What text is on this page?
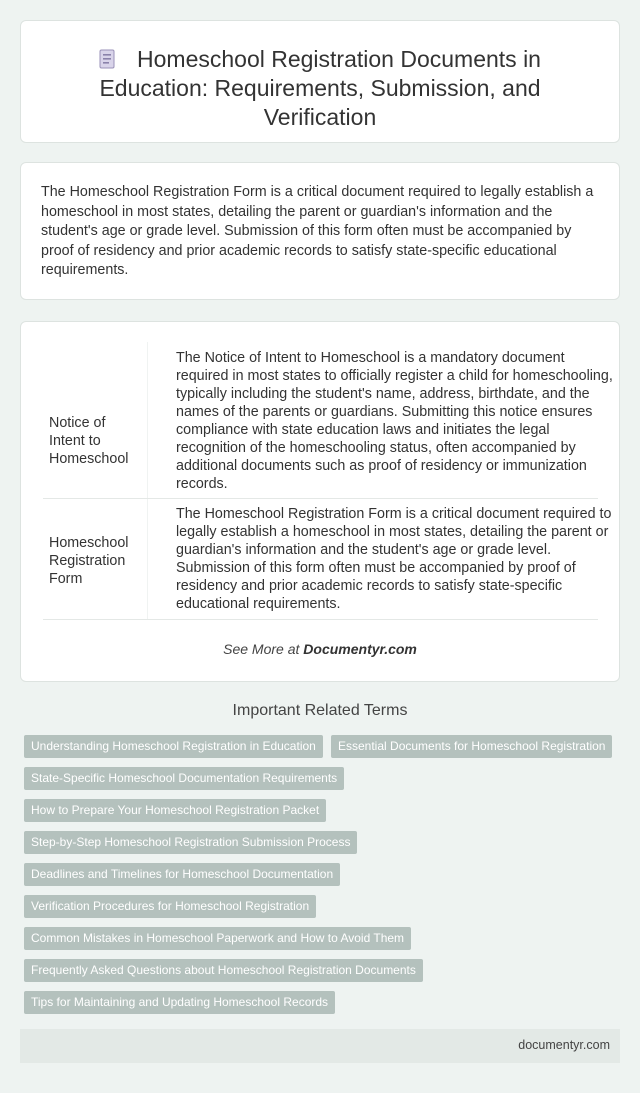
Homeschool Registration Documents in Education: Requirements, Submission, and Verification

The Homeschool Registration Form is a critical document required to legally establish a homeschool in most states, detailing the parent or guardian's information and the student's age or grade level. Submission of this form often must be accompanied by proof of residency and prior academic records to satisfy state-specific educational requirements.

Notice of Intent to Homeschool
The Notice of Intent to Homeschool is a mandatory document required in most states to officially register a child for homeschooling, typically including the student's name, address, birthdate, and the names of the parents or guardians. Submitting this notice ensures compliance with state education laws and initiates the legal recognition of the homeschooling status, often accompanied by additional documents such as proof of residency or immunization records.
Homeschool Registration Form
The Homeschool Registration Form is a critical document required to legally establish a homeschool in most states, detailing the parent or guardian's information and the student's age or grade level. Submission of this form often must be accompanied by proof of residency and prior academic records to satisfy state-specific educational requirements.
See More at Documentyr.com
Important Related Terms
Understanding Homeschool Registration in Education	Essential Documents for Homeschool Registration
State-Specific Homeschool Documentation Requirements
How to Prepare Your Homeschool Registration Packet
Step-by-Step Homeschool Registration Submission Process
Deadlines and Timelines for Homeschool Documentation
Verification Procedures for Homeschool Registration
Common Mistakes in Homeschool Paperwork and How to Avoid Them
Frequently Asked Questions about Homeschool Registration Documents
Tips for Maintaining and Updating Homeschool Records
documentyr.com
